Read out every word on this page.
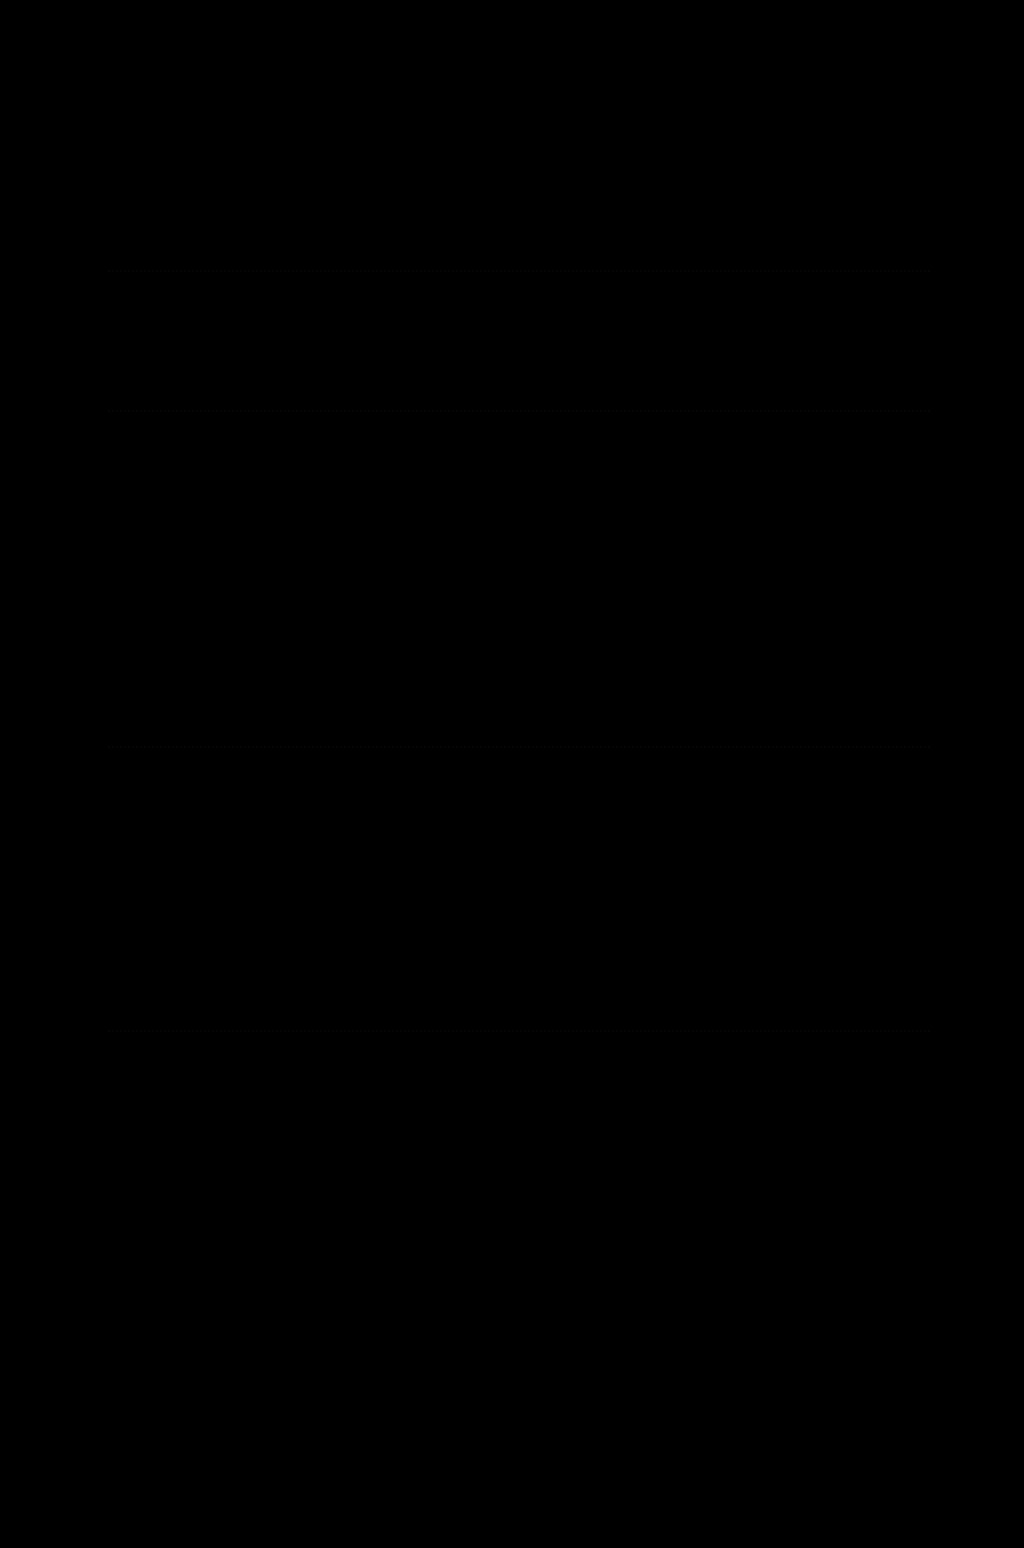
je právě jeden nulový prvek a v němž ke každému prvku existuje právě jeden opačný prvek, tj. polookruhy, které jsou vzhledem ke sčítání (komutativními) grupami.
Definice 8. Polookruh M, který je (komutativní) grupou vzhledem k sčítání, se nazývá okruh. Tato grupa se jmenuje aditivní grupa okruhu M.
Podle věty 3 existuje ke každým dvěma prvkům a, b okruhu M právě jeden prvek x ∈ M, pro který platí
a + x = b
a v důsledku komutativnosti sčítání také x + a = b. Tento prvek můžeme podle téže věty vyjádřit v tvaru
x = b + (−a),
kde −a je opačný prvek k prvku a.
Definice 9. Prvek x, pro který platí
a + x = b,
označujeme názvem rozdíl prvků b, a (v tomto pořádku) a píšeme	x = b − a.
Operace, která k prvkům b, a množiny M přiřazuje nejvýše jeden rozdíl b − a ∈ M, nazývá se odčítání.
Z věty 3 tedy vyplývá, že ke každým dvěma prvkům b, a okruhu M existuje jediný rozdíl b − a ∈ M a že
b − a = b + (−a),
takže rozdíl prvků b, a můžeme nahradit součtem prvku b a opačného prvku −a. Je-li b = 0, plyne odtud
0 − a = 0 + (−a) = −a;
39
